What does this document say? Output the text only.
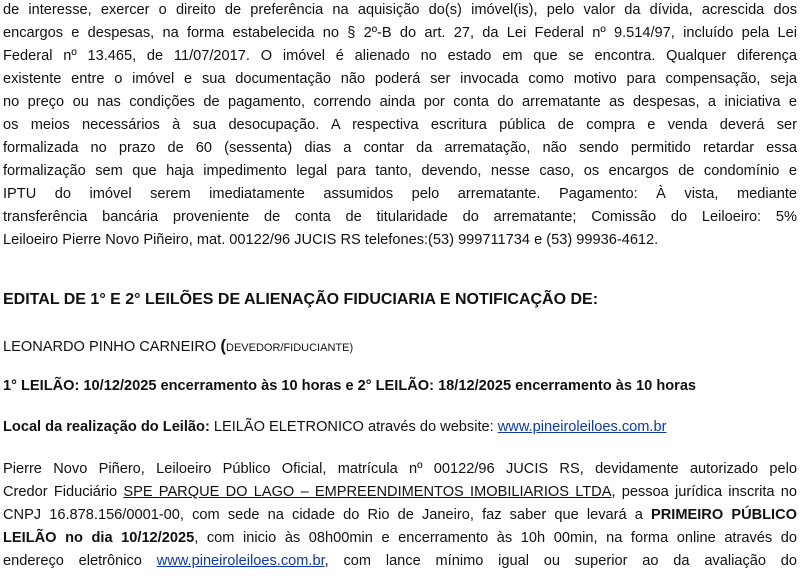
de interesse, exercer o direito de preferência na aquisição do(s) imóvel(is), pelo valor da dívida, acrescida dos
encargos e despesas, na forma estabelecida no § 2º-B do art. 27, da Lei Federal nº 9.514/97, incluído pela Lei
Federal nº 13.465, de 11/07/2017. O imóvel é alienado no estado em que se encontra. Qualquer diferença
existente entre o imóvel e sua documentação não poderá ser invocada como motivo para compensação, seja
no preço ou nas condições de pagamento, correndo ainda por conta do arrematante as despesas, a iniciativa e
os meios necessários à sua desocupação. A respectiva escritura pública de compra e venda deverá ser
formalizada no prazo de 60 (sessenta) dias a contar da arrematação, não sendo permitido retardar essa
formalização sem que haja impedimento legal para tanto, devendo, nesse caso, os encargos de condomínio e
IPTU do imóvel serem imediatamente assumidos pelo arrematante. Pagamento: À vista, mediante
transferência bancária proveniente de conta de titularidade do arrematante; Comissão do Leiloeiro: 5%
Leiloeiro Pierre Novo Piñeiro, mat. 00122/96 JUCIS RS telefones:(53) 999711734 e (53) 99936-4612.
EDITAL DE 1° E 2° LEILÕES DE ALIENAÇÃO FIDUCIARIA E NOTIFICAÇÃO DE:
LEONARDO PINHO CARNEIRO (DEVEDOR/FIDUCIANTE)
1° LEILÃO: 10/12/2025 encerramento às 10 horas e 2° LEILÃO: 18/12/2025 encerramento às 10 horas
Local da realização do Leilão: LEILÃO ELETRONICO através do website: www.pineiroleiloes.com.br
Pierre Novo Piñero, Leiloeiro Público Oficial, matrícula nº 00122/96 JUCIS RS, devidamente autorizado pelo
Credor Fiduciário SPE PARQUE DO LAGO – EMPREENDIMENTOS IMOBILIARIOS LTDA, pessoa jurídica inscrita no
CNPJ 16.878.156/0001-00, com sede na cidade do Rio de Janeiro, faz saber que levará a PRIMEIRO PÚBLICO
LEILÃO no dia 10/12/2025, com inicio às 08h00min e encerramento às 10h 00min, na forma online através do
endereço eletrônico www.pineiroleiloes.com.br, com lance mínimo igual ou superior ao da avaliação do
